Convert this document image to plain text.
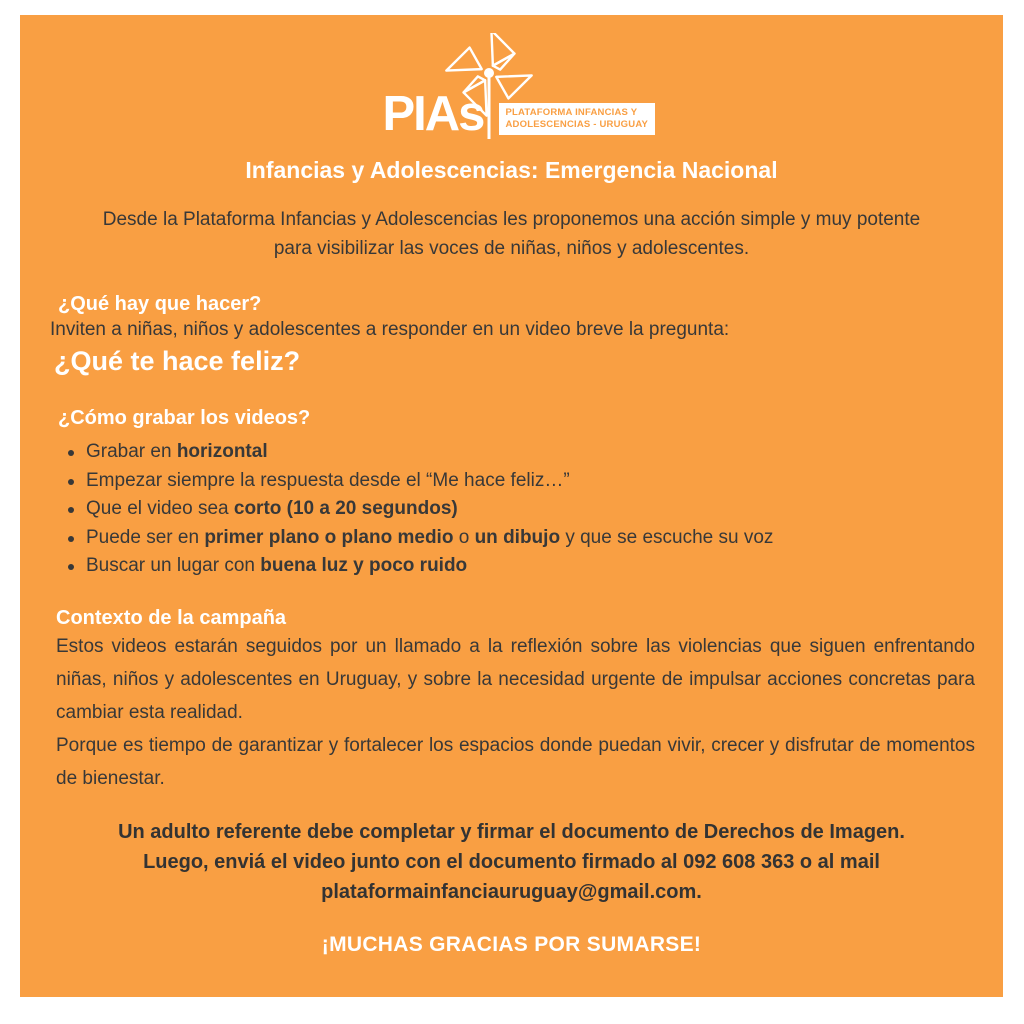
PIAs PLATAFORMA INFANCIAS Y
ADOLESCENCIAS - URUGUAY
Infancias y Adolescencias: Emergencia Nacional
Desde la Plataforma Infancias y Adolescencias les proponemos una acción simple y muy potente
para visibilizar las voces de niñas, niños y adolescentes.
¿Qué hay que hacer?
Inviten a niñas, niños y adolescentes a responder en un video breve la pregunta:
¿Qué te hace feliz?
¿Cómo grabar los videos?
Grabar en horizontal
Empezar siempre la respuesta desde el “Me hace feliz…”
Que el video sea corto (10 a 20 segundos)
Puede ser en primer plano o plano medio o un dibujo y que se escuche su voz
Buscar un lugar con buena luz y poco ruido
Contexto de la campaña

Estos videos estarán seguidos por un llamado a la reflexión sobre las violencias que siguen enfrentando niñas, niños y adolescentes en Uruguay, y sobre la necesidad urgente de impulsar acciones concretas para cambiar esta realidad.

Porque es tiempo de garantizar y fortalecer los espacios donde puedan vivir, crecer y disfrutar de momentos de bienestar.

Un adulto referente debe completar y firmar el documento de Derechos de Imagen.
Luego, enviá el video junto con el documento firmado al 092 608 363 o al mail
plataformainfanciauruguay@gmail.com.
¡MUCHAS GRACIAS POR SUMARSE!
